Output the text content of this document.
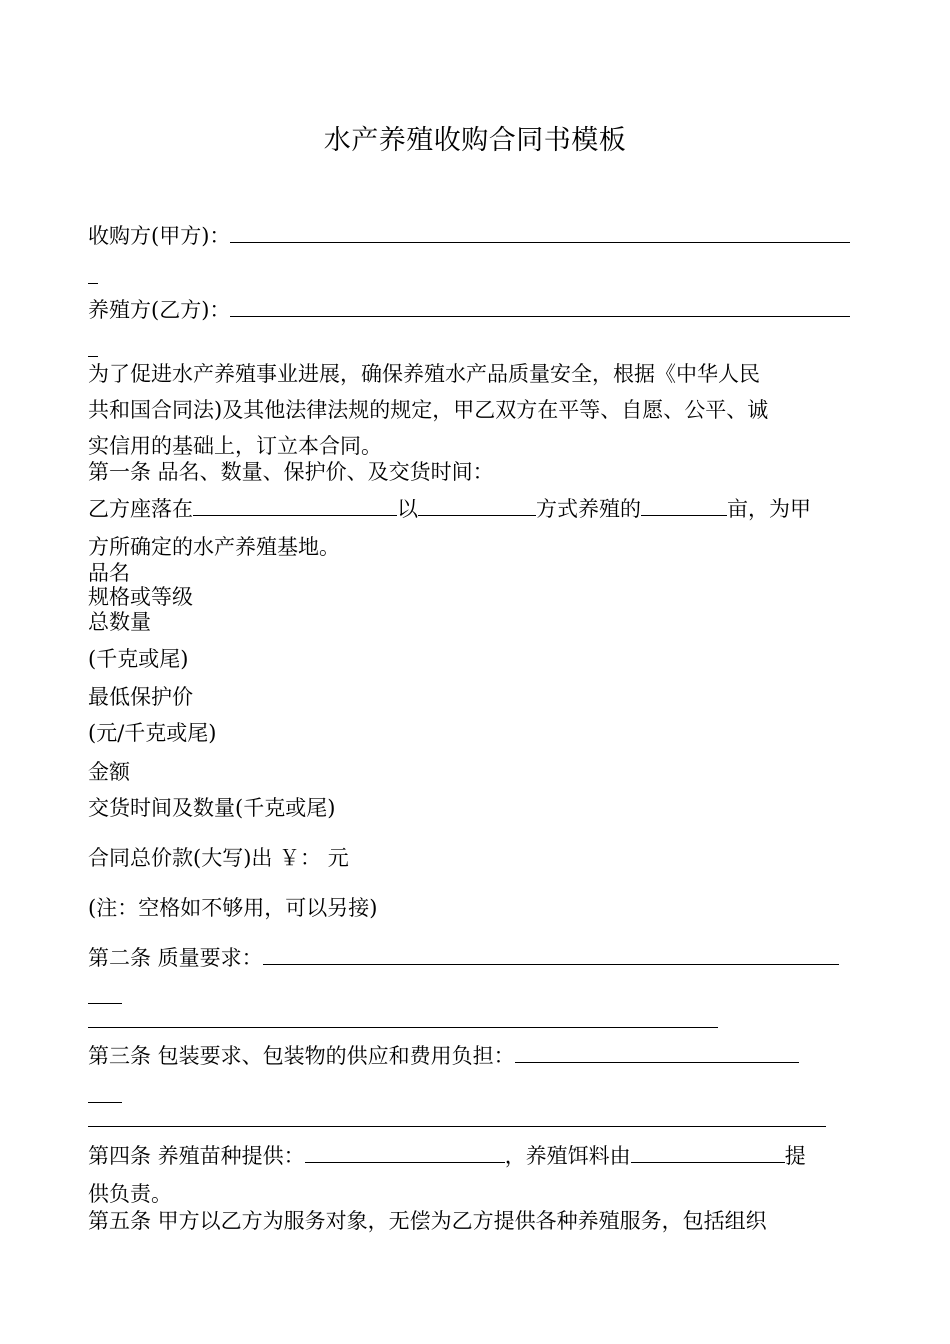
水产养殖收购合同书模板
收购方(甲方)：
养殖方(乙方)：
为了促进水产养殖事业进展，确保养殖水产品质量安全，根据《中华人民
共和国合同法)及其他法律法规的规定，甲乙双方在平等、自愿、公平、诚
实信用的基础上，订立本合同。
第一条 品名、数量、保护价、及交货时间：
乙方座落在	以	方式养殖的	亩，为甲
方所确定的水产养殖基地。
品名
规格或等级
总数量
(千克或尾)
最低保护价
(元/千克或尾)
金额
交货时间及数量(千克或尾)
合同总价款(大写)出 ￥： 元
(注：空格如不够用，可以另接)
第二条 质量要求：
第三条 包装要求、包装物的供应和费用负担：
第四条 养殖苗种提供：	，养殖饵料由	提
供负责。
第五条 甲方以乙方为服务对象，无偿为乙方提供各种养殖服务，包括组织
